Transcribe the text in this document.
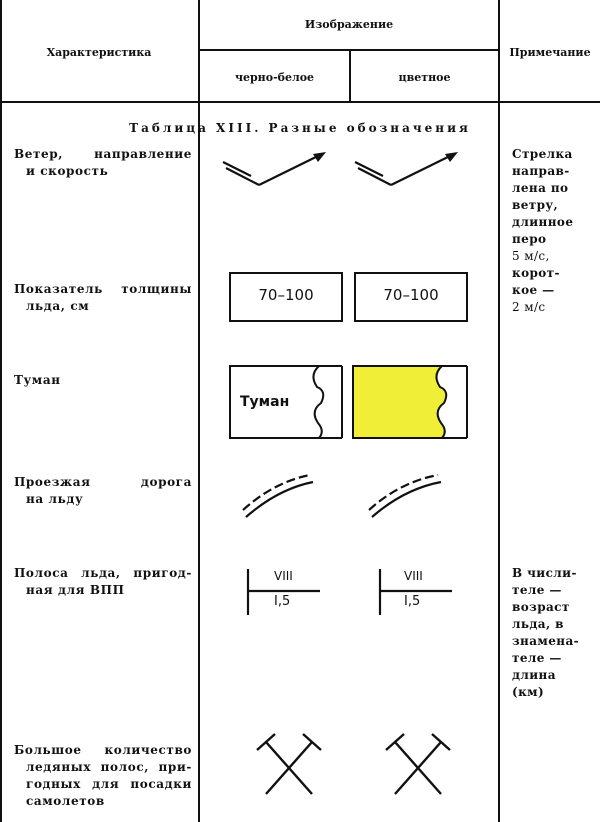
Характеристика
Изображение
черно-белое	цветное
Примечание
Таблица XIII. Разные обозначения
Ветер, направление
и скорость
Стрелка
направ-
лена по
ветру,
длинное
перо
5 м/с,
корот-
кое —
2 м/с
Показатель толщины
льда, см
70–100	70–100
Туман
Туман
Проезжая дорога
на льду
Полоса льда, пригод-
ная для ВПП
VIII
I,5
VIII
I,5
В числи-
теле —
возраст
льда, в
знамена-
теле —
длина
(км)
Большое количество
ледяных полос, при-
годных для посадки
самолетов
